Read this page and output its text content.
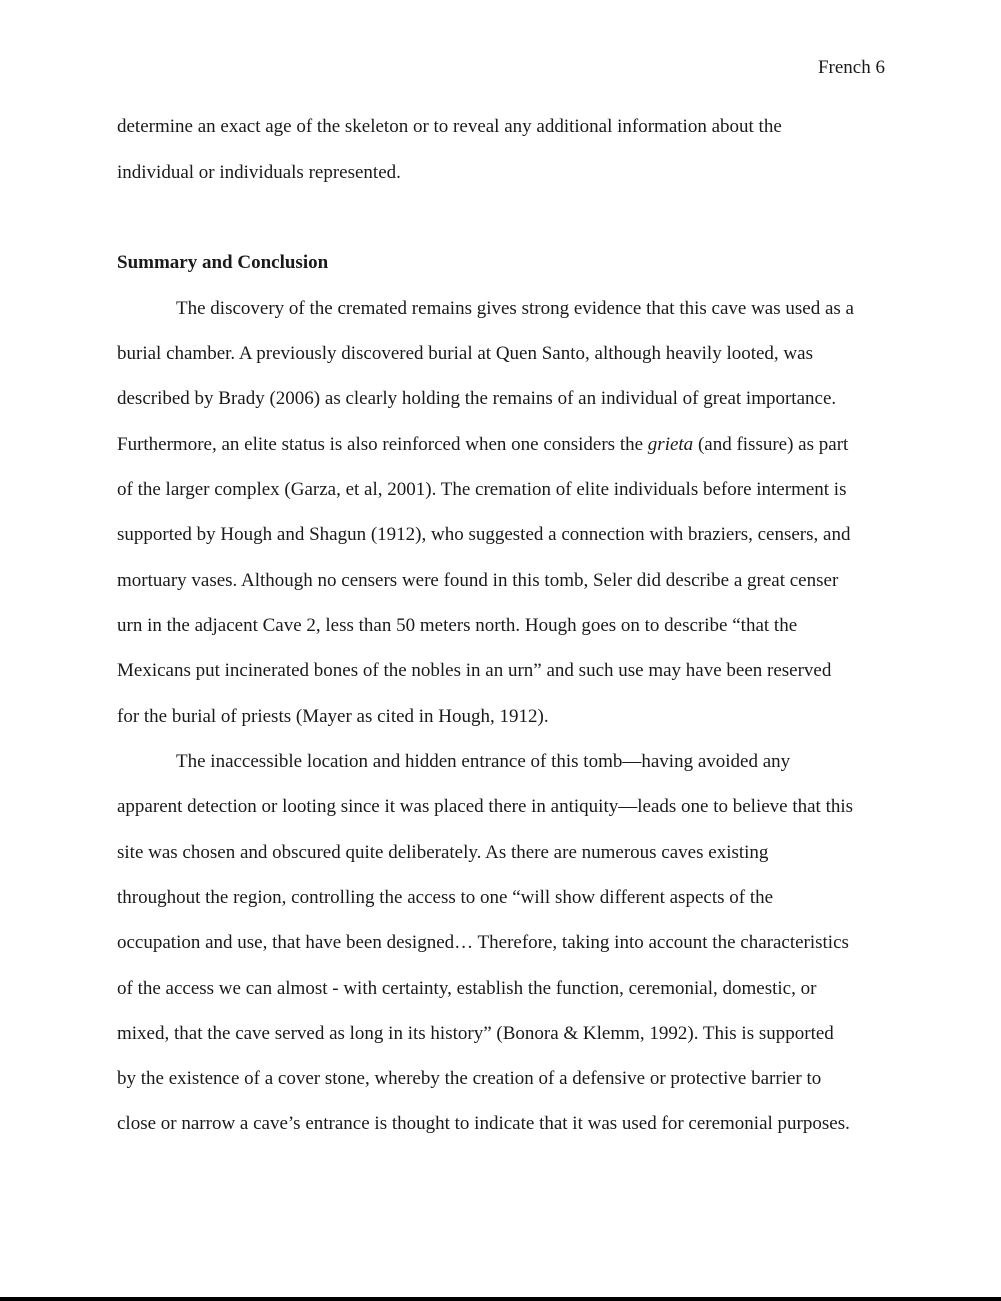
French 6
determine an exact age of the skeleton or to reveal any additional information about the
individual or individuals represented.
Summary and Conclusion
The discovery of the cremated remains gives strong evidence that this cave was used as a
burial chamber. A previously discovered burial at Quen Santo, although heavily looted, was
described by Brady (2006) as clearly holding the remains of an individual of great importance.
Furthermore, an elite status is also reinforced when one considers the grieta (and fissure) as part
of the larger complex (Garza, et al, 2001). The cremation of elite individuals before interment is
supported by Hough and Shagun (1912), who suggested a connection with braziers, censers, and
mortuary vases. Although no censers were found in this tomb, Seler did describe a great censer
urn in the adjacent Cave 2, less than 50 meters north. Hough goes on to describe “that the
Mexicans put incinerated bones of the nobles in an urn” and such use may have been reserved
for the burial of priests (Mayer as cited in Hough, 1912).
The inaccessible location and hidden entrance of this tomb—having avoided any
apparent detection or looting since it was placed there in antiquity—leads one to believe that this
site was chosen and obscured quite deliberately. As there are numerous caves existing
throughout the region, controlling the access to one “will show different aspects of the
occupation and use, that have been designed… Therefore, taking into account the characteristics
of the access we can almost - with certainty, establish the function, ceremonial, domestic, or
mixed, that the cave served as long in its history” (Bonora & Klemm, 1992). This is supported
by the existence of a cover stone, whereby the creation of a defensive or protective barrier to
close or narrow a cave’s entrance is thought to indicate that it was used for ceremonial purposes.
